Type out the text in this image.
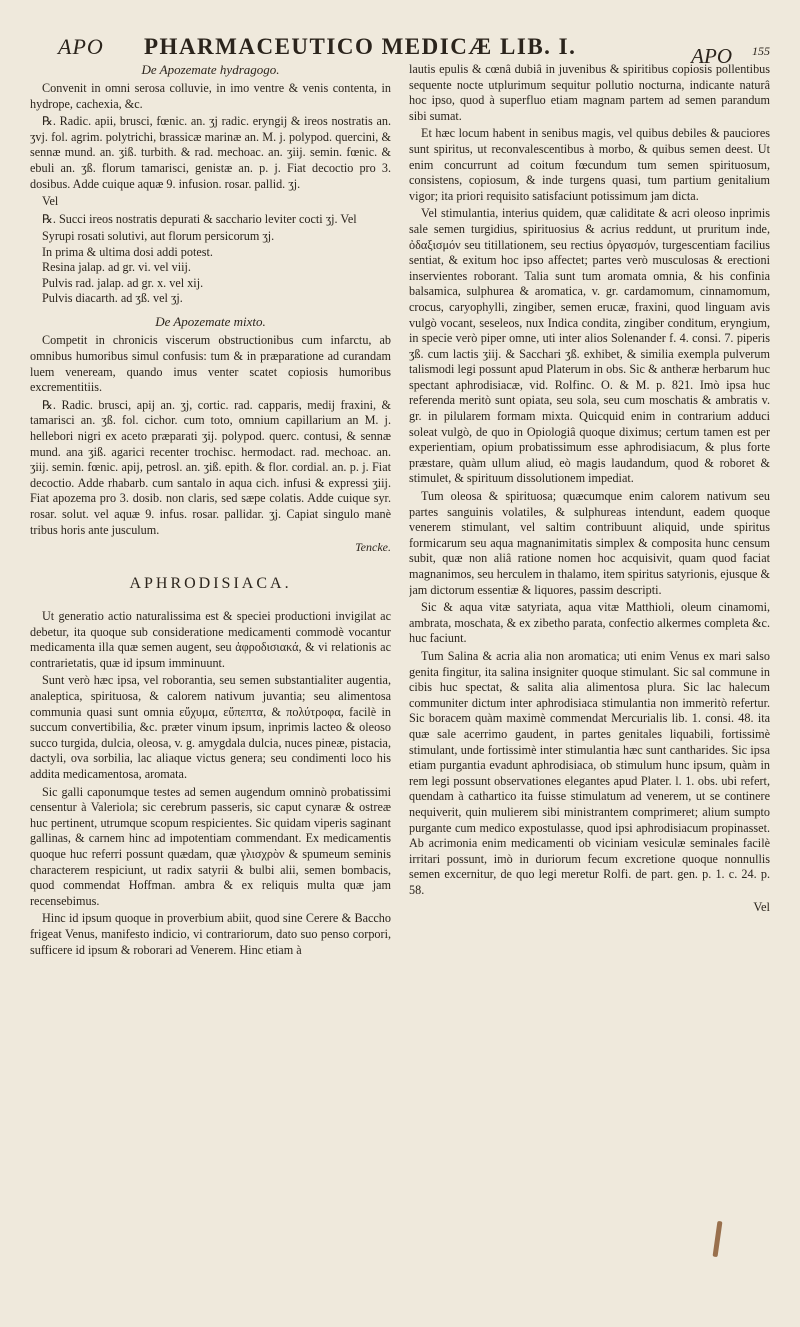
APO PHARMACEUTICO MEDICÆ LIB. I.	APO 155
De Apozemate hydragogo.

Convenit in omni serosa colluvie, in imo ventre & venis contenta, in hydrope, cachexia, &c.

℞. Radic. apii, brusci, fœnic. an. ʒj radic. eryngij & ireos nostratis an. ʒvj. fol. agrim. polytrichi, brassicæ marinæ an. M. j. polypod. quercini, & sennæ mund. an. ʒiß. turbith. & rad. mechoac. an. ʒiij. semin. fœnic. & ebuli an. ʒß. florum tamarisci, genistæ an. p. j. Fiat decoctio pro 3. dosibus. Adde cuique aquæ 9. infusion. rosar. pallid. ʒj.

Vel

℞. Succi ireos nostratis depurati & sacchario leviter cocti ʒj. Vel

Syrupi rosati solutivi, aut florum persicorum ʒj.

In prima & ultima dosi addi potest.

Resina jalap. ad gr. vi. vel viij.

Pulvis rad. jalap. ad gr. x. vel xij.

Pulvis diacarth. ad ʒß. vel ʒj.

De Apozemate mixto.

Competit in chronicis viscerum obstructionibus cum infarctu, ab omnibus humoribus simul confusis: tum & in præparatione ad curandam luem veneream, quando imus venter scatet copiosis humoribus excrementitiis.

℞. Radic. brusci, apij an. ʒj, cortic. rad. capparis, medij fraxini, & tamarisci an. ʒß. fol. cichor. cum toto, omnium capillarium an M. j. hellebori nigri ex aceto præparati ʒij. polypod. querc. contusi, & sennæ mund. ana ʒiß. agarici recenter trochisc. hermodact. rad. mechoac. an. ʒiij. semin. fœnic. apij, petrosl. an. ʒiß. epith. & flor. cordial. an. p. j. Fiat decoctio. Adde rhabarb. cum santalo in aqua cich. infusi & expressi ʒiij. Fiat apozema pro 3. dosib. non claris, sed sæpe colatis. Adde cuique syr. rosar. solut. vel aquæ 9. infus. rosar. pallidar. ʒj. Capiat singulo manè tribus horis ante jusculum.

Tencke.
APHRODISIACA.

Ut generatio actio naturalissima est & speciei productioni invigilat ac debetur, ita quoque sub consideratione medicamenti commodè vocantur medicamenta illa quæ semen augent, seu ἀφροδισιακά, & vi relationis ac contrarietatis, quæ id ipsum imminuunt.

Sunt verò hæc ipsa, vel roborantia, seu semen substantialiter augentia, analeptica, spirituosa, & calorem nativum juvantia; seu alimentosa communia quasi sunt omnia εὔχυμα, εὔπεπτα, & πολύτροφα, facilè in succum convertibilia, &c. præter vinum ipsum, inprimis lacteo & oleoso succo turgida, dulcia, oleosa, v. g. amygdala dulcia, nuces pineæ, pistacia, dactyli, ova sorbilia, lac aliaque victus genera; seu condimenti loco his addita medicamentosa, aromata.

Sic galli caponumque testes ad semen augendum omninò probatissimi censentur à Valeriola; sic cerebrum passeris, sic caput cynaræ & ostreæ huc pertinent, utrumque scopum respicientes. Sic quidam viperis saginant gallinas, & carnem hinc ad impotentiam commendant. Ex medicamentis quoque huc referri possunt quædam, quæ γλισχρὸν & spumeum seminis characterem respiciunt, ut radix satyrii & bulbi alii, semen bombacis, quod commendat Hoffman. ambra & ex reliquis multa quæ jam recensebimus.

Hinc id ipsum quoque in proverbium abiit, quod sine Cerere & Baccho frigeat Venus, manifesto indicio, vi contrariorum, dato suo penso corpori, sufficere id ipsum & roborari ad Venerem. Hinc etiam à

lautis epulis & cœnâ dubiâ in juvenibus & spiritibus copiosis pollentibus sequente nocte utplurimum sequitur pollutio nocturna, indicante naturâ hoc ipso, quod à superfluo etiam magnam partem ad semen parandum sibi sumat.

Et hæc locum habent in senibus magis, vel quibus debiles & pauciores sunt spiritus, ut reconvalescentibus à morbo, & quibus semen deest. Ut enim concurrunt ad coitum fœcundum tum semen spirituosum, consistens, copiosum, & inde turgens quasi, tum partium genitalium vigor; ita priori requisito satisfaciunt potissimum jam dicta.

Vel stimulantia, interius quidem, quæ caliditate & acri oleoso inprimis sale semen turgidius, spirituosius & acrius reddunt, ut pruritum inde, ὀδαξισμόν seu titillationem, seu rectius ὀργασμόν, turgescentiam facilius sentiat, & exitum hoc ipso affectet; partes verò musculosas & erectioni inservientes roborant. Talia sunt tum aromata omnia, & his confinia balsamica, sulphurea & aromatica, v. gr. cardamomum, cinnamomum, crocus, caryophylli, zingiber, semen erucæ, fraxini, quod linguam avis vulgò vocant, seseleos, nux Indica condita, zingiber conditum, eryngium, in specie verò piper omne, uti inter alios Solenander f. 4. consi. 7. piperis ʒß. cum lactis ʒiij. & Sacchari ʒß. exhibet, & similia exempla pulverum talismodi legi possunt apud Platerum in obs. Sic & antheræ herbarum huc spectant aphrodisiacæ, vid. Rolfinc. O. & M. p. 821. Imò ipsa huc referenda meritò sunt opiata, seu sola, seu cum moschatis & ambratis v. gr. in pilularem formam mixta. Quicquid enim in contrarium adduci soleat vulgò, de quo in Opiologiâ quoque diximus; certum tamen est per experientiam, opium probatissimum esse aphrodisiacum, & plus forte præstare, quàm ullum aliud, eò magis laudandum, quod & roboret & stimulet, & spirituum dissolutionem impediat.

Tum oleosa & spirituosa; quæcumque enim calorem nativum seu partes sanguinis volatiles, & sulphureas intendunt, eadem quoque venerem stimulant, vel saltim contribuunt aliquid, unde spiritus formicarum seu aqua magnanimitatis simplex & composita hunc censum subit, quæ non aliâ ratione nomen hoc acquisivit, quam quod faciat magnanimos, seu herculem in thalamo, item spiritus satyrionis, ejusque & jam dictorum essentiæ & liquores, passim descripti.

Sic & aqua vitæ satyriata, aqua vitæ Matthioli, oleum cinamomi, ambrata, moschata, & ex zibetho parata, confectio alkermes completa &c. huc faciunt.

Tum Salina & acria alia non aromatica; uti enim Venus ex mari salso genita fingitur, ita salina insigniter quoque stimulant. Sic sal commune in cibis huc spectat, & salita alia alimentosa plura. Sic lac halecum communiter dictum inter aphrodisiaca stimulantia non immeritò refertur. Sic boracem quàm maximè commendat Mercurialis lib. 1. consi. 48. ita quæ sale acerrimo gaudent, in partes genitales liquabili, fortissimè stimulant, unde fortissimè inter stimulantia hæc sunt cantharides. Sic ipsa etiam purgantia evadunt aphrodisiaca, ob stimulum hunc ipsum, quàm in rem legi possunt observationes elegantes apud Plater. l. 1. obs. ubi refert, quendam à cathartico ita fuisse stimulatum ad venerem, ut se continere nequiverit, quin mulierem sibi ministrantem comprimeret; alium sumpto purgante cum medico expostulasse, quod ipsi aphrodisiacum propinasset. Ab acrimonia enim medicamenti ob viciniam vesiculæ seminales facilè irritari possunt, imò in duriorum fecum excretione quoque nonnullis semen excernitur, de quo legi meretur Rolfi. de part. gen. p. 1. c. 24. p. 58.

Vel
